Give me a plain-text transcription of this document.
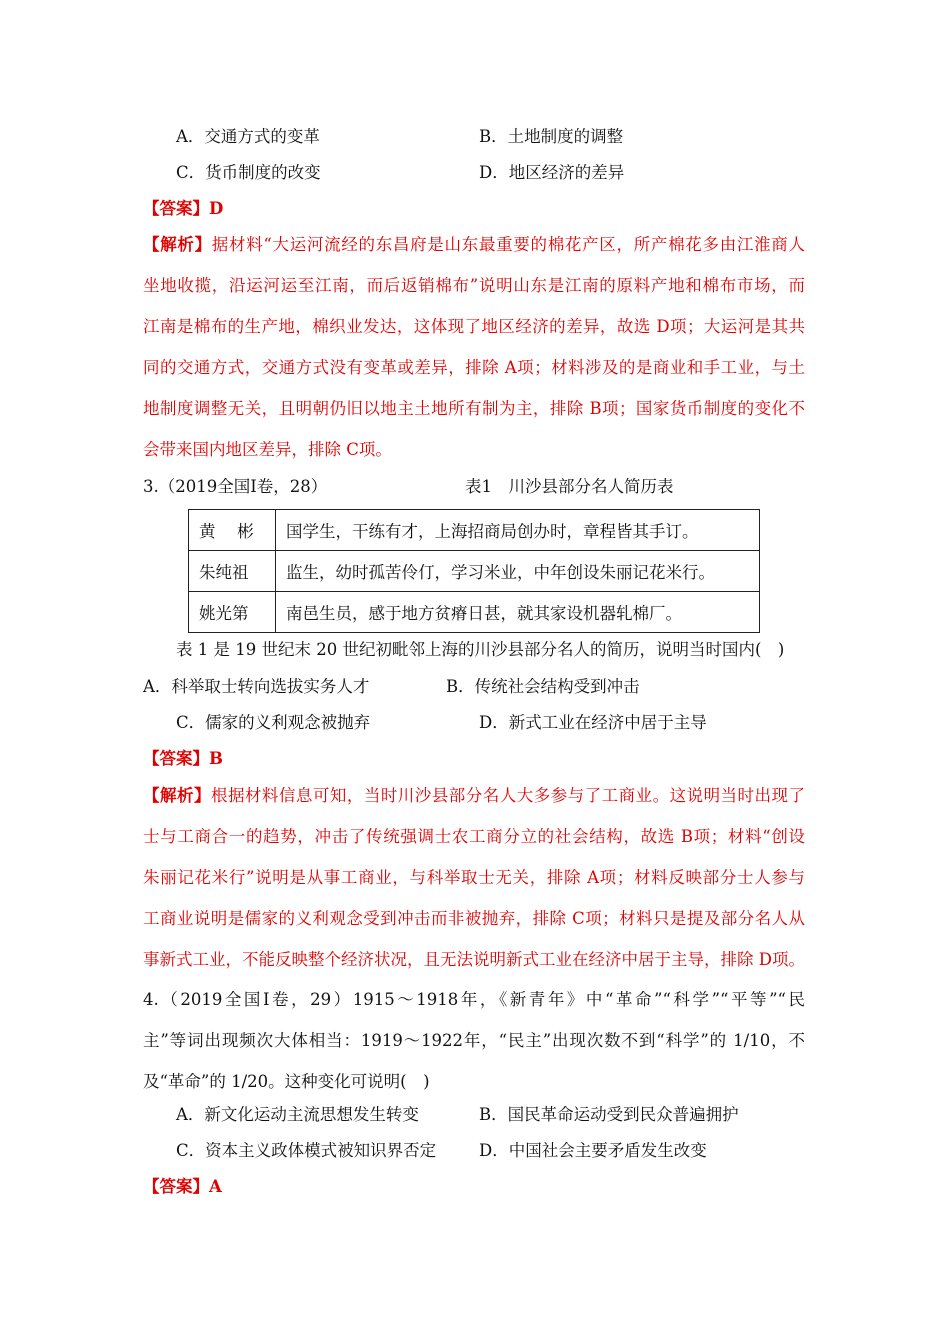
A．交通方式的变革	B．土地制度的调整
C．货币制度的改变	D．地区经济的差异
【答案】D
【解析】据材料“大运河流经的东昌府是山东最重要的棉花产区，所产棉花多由江淮商人
坐地收揽，沿运河运至江南，而后返销棉布”说明山东是江南的原料产地和棉布市场，而
江南是棉布的生产地，棉织业发达，这体现了地区经济的差异，故选 D项；大运河是其共
同的交通方式，交通方式没有变革或差异，排除 A项；材料涉及的是商业和手工业，与土
地制度调整无关，且明朝仍旧以地主土地所有制为主，排除 B项；国家货币制度的变化不
会带来国内地区差异，排除 C项。
3.（2019全国Ⅰ卷，28）	表1　川沙县部分名人简历表
黄　 彬	国学生，干练有才，上海招商局创办时，章程皆其手订。
朱纯祖	监生，幼时孤苦伶仃，学习米业，中年创设朱丽记花米行。
姚光第	南邑生员，感于地方贫瘠日甚，就其家设机器轧棉厂。
表 1 是 19 世纪末 20 世纪初毗邻上海的川沙县部分名人的简历，说明当时国内(　)
A．科举取士转向选拔实务人才	B．传统社会结构受到冲击
C．儒家的义利观念被抛弃	D．新式工业在经济中居于主导
【答案】B
【解析】根据材料信息可知，当时川沙县部分名人大多参与了工商业。这说明当时出现了
士与工商合一的趋势，冲击了传统强调士农工商分立的社会结构，故选 B项；材料“创设
朱丽记花米行”说明是从事工商业，与科举取士无关，排除 A项；材料反映部分士人参与
工商业说明是儒家的义利观念受到冲击而非被抛弃，排除 C项；材料只是提及部分名人从
事新式工业，不能反映整个经济状况，且无法说明新式工业在经济中居于主导，排除 D项。
4.（2019全国Ⅰ卷，29）1915～1918年，《新青年》中“革命”“科学”“平等”“民
主”等词出现频次大体相当：1919～1922年，“民主”出现次数不到“科学”的 1/10，不
及“革命”的 1/20。这种变化可说明(　)
A．新文化运动主流思想发生转变	B．国民革命运动受到民众普遍拥护
C．资本主义政体模式被知识界否定	D．中国社会主要矛盾发生改变
【答案】A
